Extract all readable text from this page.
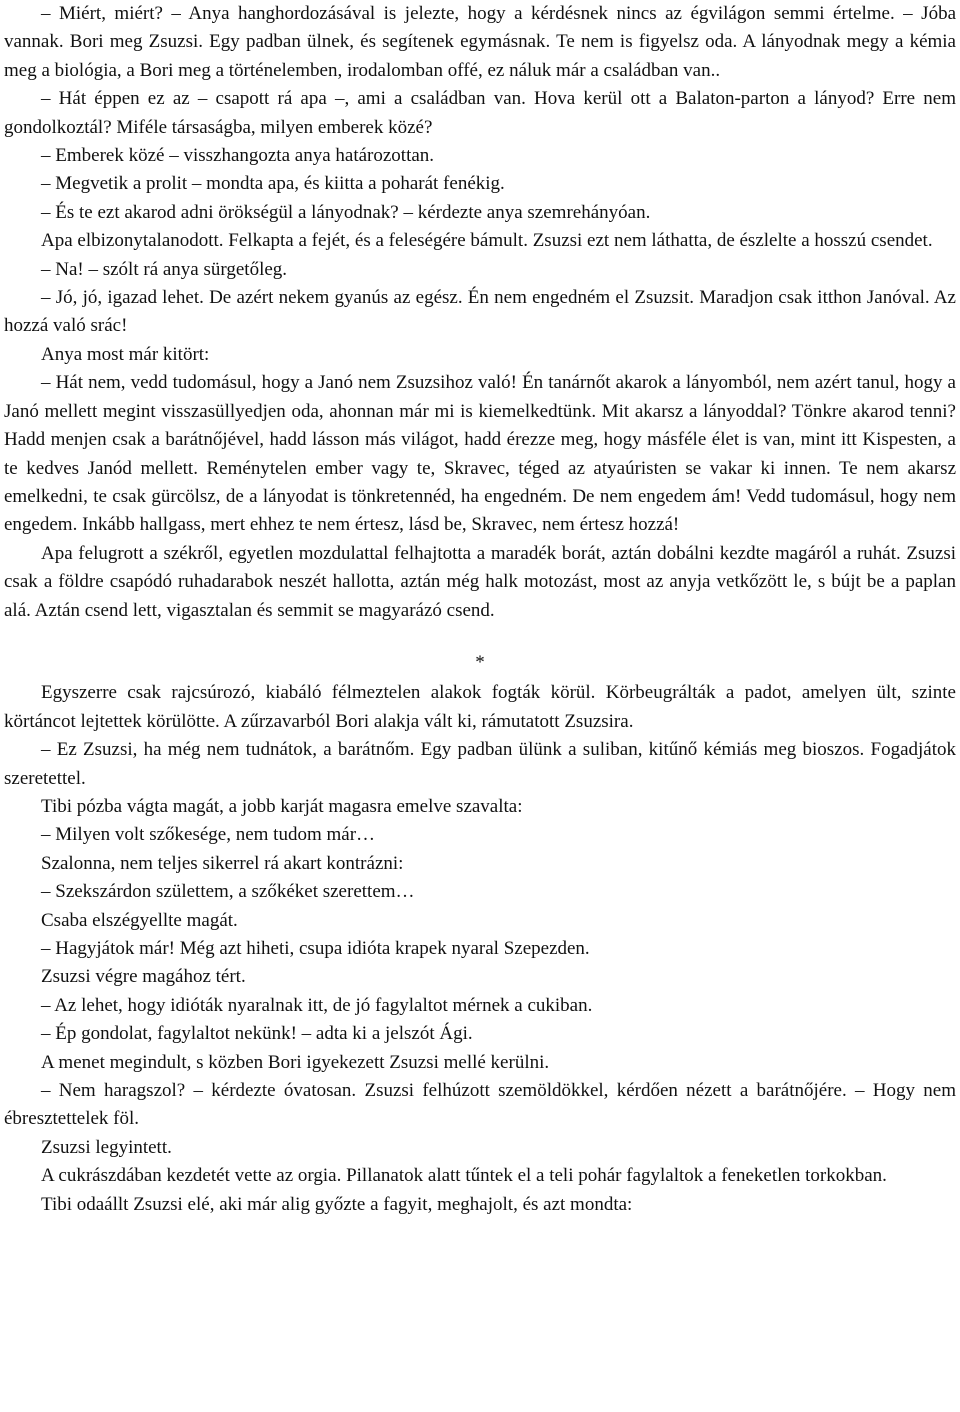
– Miért, miért? – Anya hanghordozásával is jelezte, hogy a kérdésnek nincs az égvilágon semmi értelme. – Jóba vannak. Bori meg Zsuzsi. Egy padban ülnek, és segítenek egymásnak. Te nem is figyelsz oda. A lányodnak megy a kémia meg a biológia, a Bori meg a történelemben, irodalomban offé, ez náluk már a családban van..

– Hát éppen ez az – csapott rá apa –, ami a családban van. Hova kerül ott a Balaton-parton a lányod? Erre nem gondolkoztál? Miféle társaságba, milyen emberek közé?

– Emberek közé – visszhangozta anya határozottan.

– Megvetik a prolit – mondta apa, és kiitta a poharát fenékig.

– És te ezt akarod adni örökségül a lányodnak? – kérdezte anya szemrehányóan.

Apa elbizonytalanodott. Felkapta a fejét, és a feleségére bámult. Zsuzsi ezt nem láthatta, de észlelte a hosszú csendet.

– Na! – szólt rá anya sürgetőleg.

– Jó, jó, igazad lehet. De azért nekem gyanús az egész. Én nem engedném el Zsuzsit. Maradjon csak itthon Janóval. Az hozzá való srác!

Anya most már kitört:

– Hát nem, vedd tudomásul, hogy a Janó nem Zsuzsihoz való! Én tanárnőt akarok a lányomból, nem azért tanul, hogy a Janó mellett megint visszasüllyedjen oda, ahonnan már mi is kiemelkedtünk. Mit akarsz a lányoddal? Tönkre akarod tenni? Hadd menjen csak a barátnőjével, hadd lásson más világot, hadd érezze meg, hogy másféle élet is van, mint itt Kispesten, a te kedves Janód mellett. Reménytelen ember vagy te, Skravec, téged az atyaúristen se vakar ki innen. Te nem akarsz emelkedni, te csak gürcölsz, de a lányodat is tönkretennéd, ha engedném. De nem engedem ám! Vedd tudomásul, hogy nem engedem. Inkább hallgass, mert ehhez te nem értesz, lásd be, Skravec, nem értesz hozzá!

Apa felugrott a székről, egyetlen mozdulattal felhajtotta a maradék borát, aztán dobálni kezdte magáról a ruhát. Zsuzsi csak a földre csapódó ruhadarabok neszét hallotta, aztán még halk motozást, most az anyja vetkőzött le, s bújt be a paplan alá. Aztán csend lett, vigasztalan és semmit se magyarázó csend.

*

Egyszerre csak rajcsúrozó, kiabáló félmeztelen alakok fogták körül. Körbeugrálták a padot, amelyen ült, szinte körtáncot lejtettek körülötte. A zűrzavarból Bori alakja vált ki, rámutatott Zsuzsira.

– Ez Zsuzsi, ha még nem tudnátok, a barátnőm. Egy padban ülünk a suliban, kitűnő kémiás meg bioszos. Fogadjátok szeretettel.

Tibi pózba vágta magát, a jobb karját magasra emelve szavalta:

– Milyen volt szőkesége, nem tudom már…

Szalonna, nem teljes sikerrel rá akart kontrázni:

– Szekszárdon születtem, a szőkéket szerettem…

Csaba elszégyellte magát.

– Hagyjátok már! Még azt hiheti, csupa idióta krapek nyaral Szepezden.

Zsuzsi végre magához tért.

– Az lehet, hogy idióták nyaralnak itt, de jó fagylaltot mérnek a cukiban.

– Ép gondolat, fagylaltot nekünk! – adta ki a jelszót Ági.

A menet megindult, s közben Bori igyekezett Zsuzsi mellé kerülni.

– Nem haragszol? – kérdezte óvatosan. Zsuzsi felhúzott szemöldökkel, kérdően nézett a barátnőjére. – Hogy nem ébresztettelek föl.

Zsuzsi legyintett.

A cukrászdában kezdetét vette az orgia. Pillanatok alatt tűntek el a teli pohár fagylaltok a feneketlen torkokban.

Tibi odaállt Zsuzsi elé, aki már alig győzte a fagyit, meghajolt, és azt mondta:
